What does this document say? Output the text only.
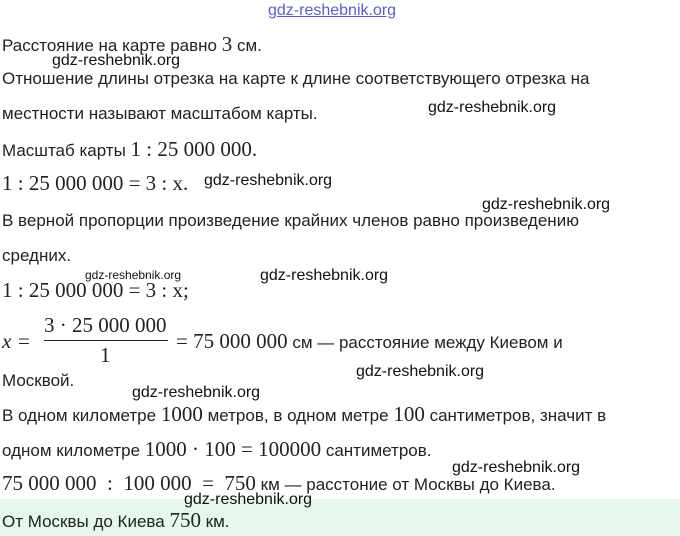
gdz-reshebnik.org
Расстояние на карте равно 3 см.
gdz-reshebnik.org
Отношение длины отрезка на карте к длине соответствующего отрезка на
местности называют масштабом карты.	gdz-reshebnik.org
Масштаб карты 1 : 25 000 000.
1 : 25 000 000 = 3 : x. gdz-reshebnik.org
gdz-reshebnik.org
В верной пропорции произведение крайних членов равно произведению
средних.
gdz-reshebnik.org
1 : 25 000 000 = 3 : x;
gdz-reshebnik.org
x =
3 · 25 000 000
1
= 75 000 000 см — расстояние между Киевом и
Москвой.	gdz-reshebnik.org
gdz-reshebnik.org
В одном километре 1000 метров, в одном метре 100 сантиметров, значит в
одном километре 1000 · 100 = 100000 сантиметров.
gdz-reshebnik.org
75 000 000  :  100 000  =  750 км — расстоние от Москвы до Киева.
gdz-reshebnik.org
От Москвы до Киева 750 км.
